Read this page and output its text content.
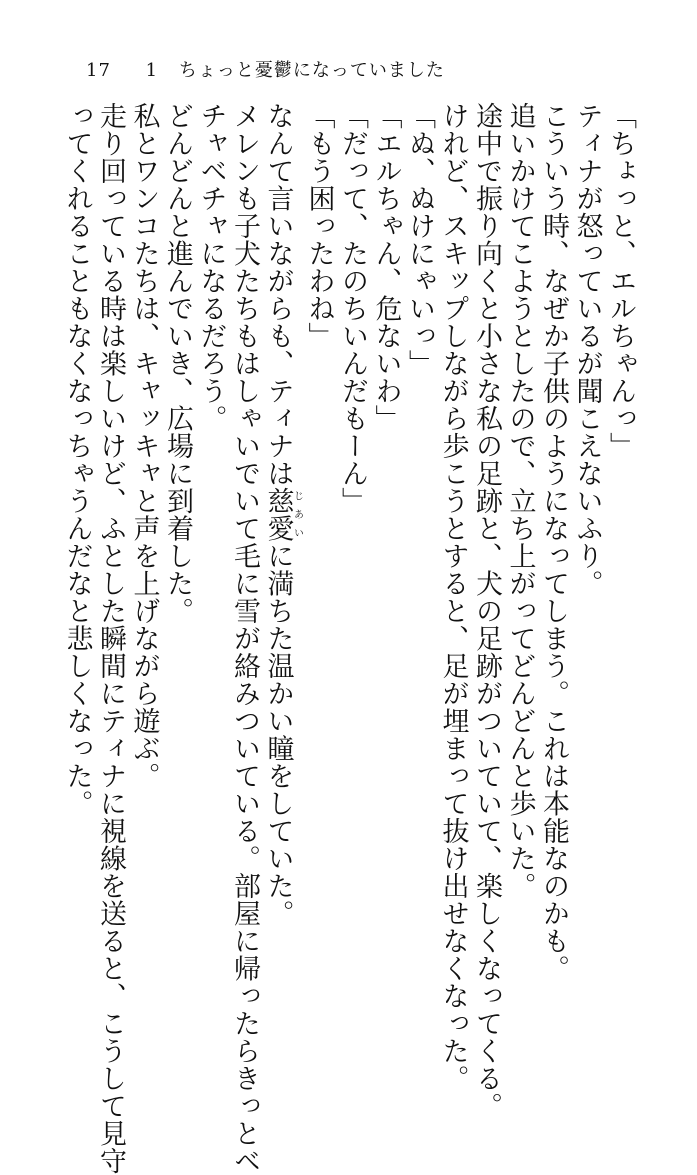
17 1 ちょっと憂鬱になっていました
「ちょっと、エルちゃんっ」
ティナが怒っているが聞こえないふり。
こういう時、なぜか子供のようになってしまう。これは本能なのかも。
追いかけてこようとしたので、立ち上がってどんどんと歩いた。
途中で振り向くと小さな私の足跡と、犬の足跡がついていて、楽しくなってくる。
けれど、スキップしながら歩こうとすると、足が埋まって抜け出せなくなった。
「ぬ、ぬけにゃいっ」
「エルちゃん、危ないわ」
「だって、たのちいんだもーん」
「もう困ったわね」
なんて言いながらも、ティナは慈愛じあいに満ちた温かい瞳をしていた。
メレンも子犬たちもはしゃいでいて毛に雪が絡みついている。部屋に帰ったらきっとベ
チャベチャになるだろう。
どんどんと進んでいき、広場に到着した。
私とワンコたちは、キャッキャと声を上げながら遊ぶ。
走り回っている時は楽しいけど、ふとした瞬間にティナに視線を送ると、こうして見守
ってくれることもなくなっちゃうんだなと悲しくなった。
